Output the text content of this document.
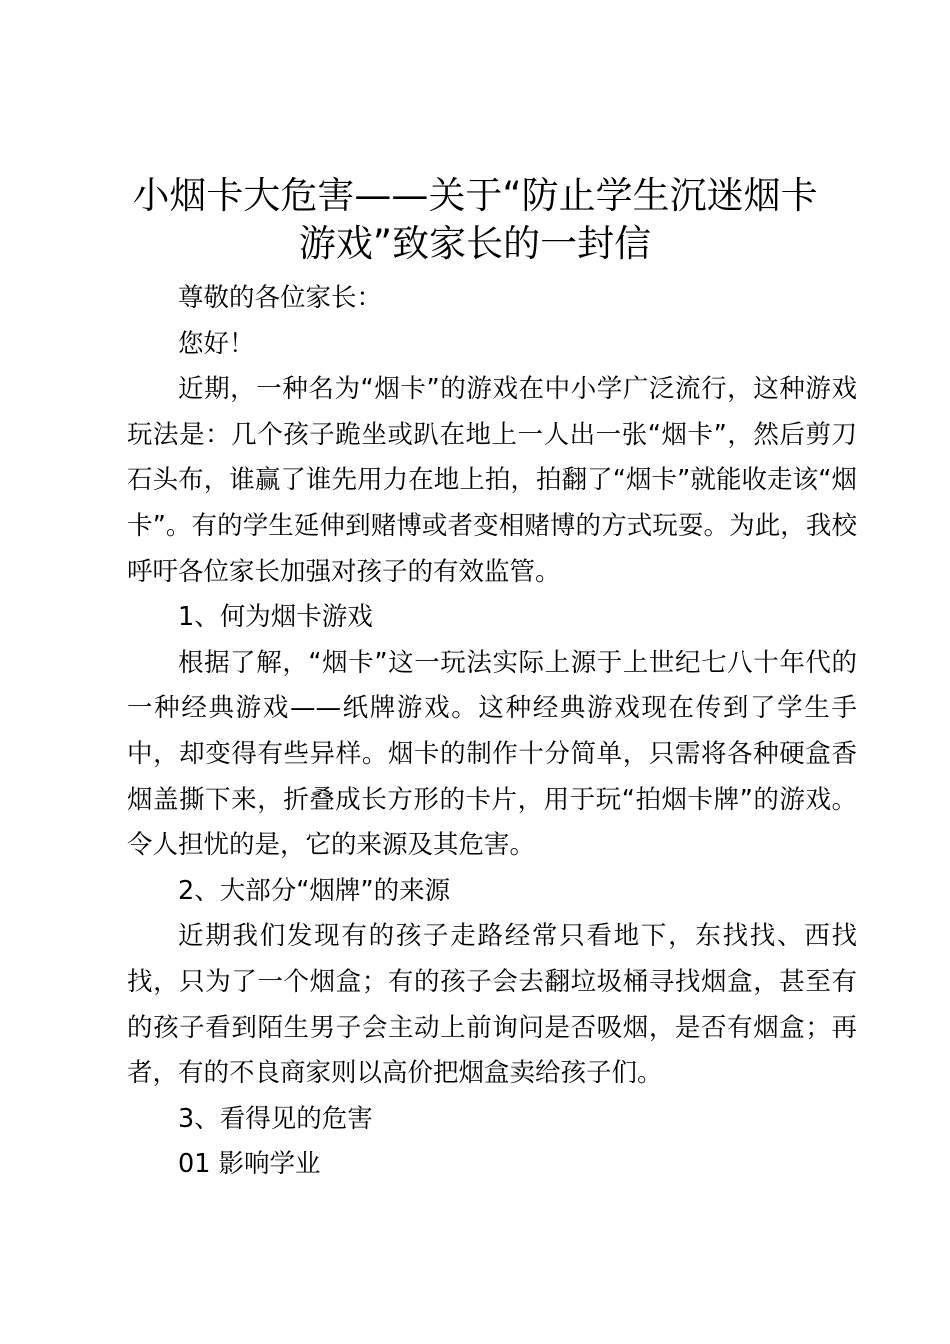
小烟卡大危害——关于“防止学生沉迷烟卡游戏”致家长的一封信

尊敬的各位家长：

您好！

近期，一种名为“烟卡”的游戏在中小学广泛流行，这种游戏玩法是：几个孩子跪坐或趴在地上一人出一张“烟卡”，然后剪刀石头布，谁赢了谁先用力在地上拍，拍翻了“烟卡”就能收走该“烟卡”。有的学生延伸到赌博或者变相赌博的方式玩耍。为此，我校呼吁各位家长加强对孩子的有效监管。

1、何为烟卡游戏

根据了解，“烟卡”这一玩法实际上源于上世纪七八十年代的一种经典游戏——纸牌游戏。这种经典游戏现在传到了学生手中，却变得有些异样。烟卡的制作十分简单，只需将各种硬盒香烟盖撕下来，折叠成长方形的卡片，用于玩“拍烟卡牌”的游戏。令人担忧的是，它的来源及其危害。

2、大部分“烟牌”的来源

近期我们发现有的孩子走路经常只看地下，东找找、西找找，只为了一个烟盒；有的孩子会去翻垃圾桶寻找烟盒，甚至有的孩子看到陌生男子会主动上前询问是否吸烟，是否有烟盒；再者，有的不良商家则以高价把烟盒卖给孩子们。

3、看得见的危害

01 影响学业
